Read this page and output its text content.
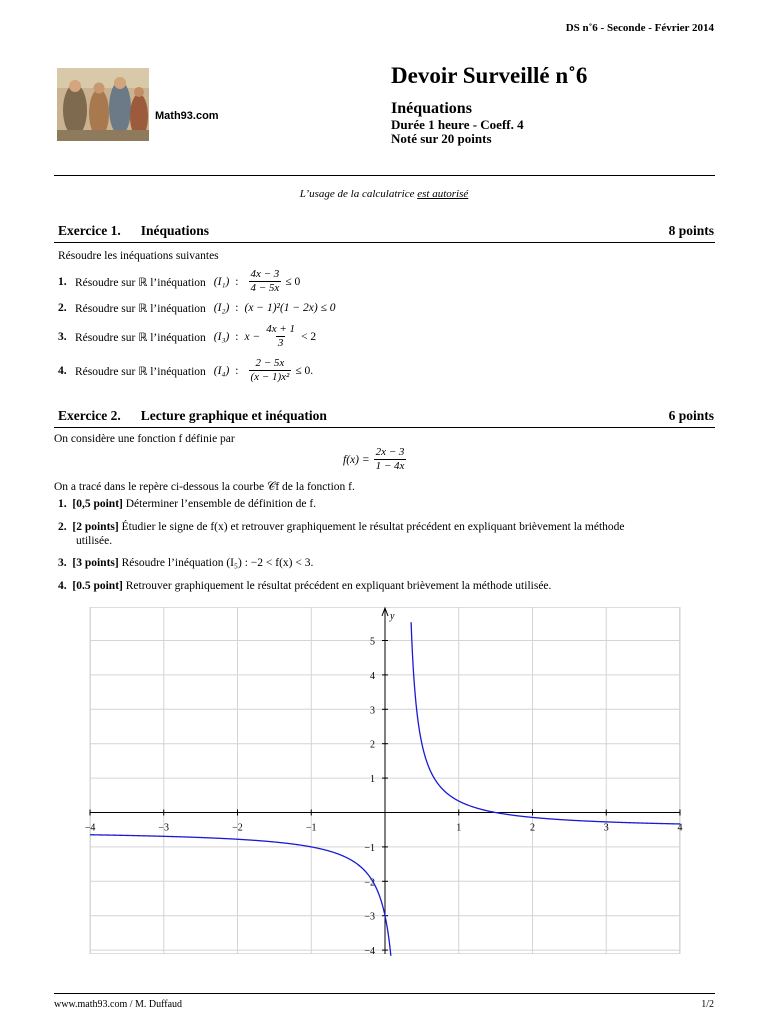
DS n˚6 - Seconde - Février 2014
Math93.com
Devoir Surveillé n˚6
Inéquations
Durée 1 heure - Coeff. 4
Noté sur 20 points
L’usage de la calculatrice est autorisé
Exercice 1. Inéquations	8 points
Résoudre les inéquations suivantes
1. Résoudre sur ℝ l’inéquation (I₁) : $\frac{4x - 3}{4 - 5x} \le 0$
2. Résoudre sur ℝ l’inéquation (I₂) : (x − 1)²(1 − 2x) ≤ 0
3. Résoudre sur ℝ l’inéquation (I₃) : $x - \frac{4x + 1}{3} < 2$
4. Résoudre sur ℝ l’inéquation (I₄) : $\frac{2 - 5x}{\text{(x − 1)x²}} \le 0$.
Exercice 2. Lecture graphique et inéquation	6 points
On considère une fonction f définie par
$f(x) = \frac{2x - 3}{1 - 4x}$
On a tracé dans le repère ci-dessous la courbe 𝒞f de la fonction f.
1. [0,5 point] Déterminer l’ensemble de définition de f.
2. [2 points] Étudier le signe de f(x) et retrouver graphiquement le résultat précédent en expliquant brièvement la méthode
utilisée.
3. [3 points] Résoudre l’inéquation (I₅) : −2 < f(x) < 3.
4. [0.5 point] Retrouver graphiquement le résultat précédent en expliquant brièvement la méthode utilisée.
y
−4	−3	−2	−1	1	2	3	4
5
4
3
2
1
−1
−2
−3
−4
www.math93.com / M. Duffaud	1/2
